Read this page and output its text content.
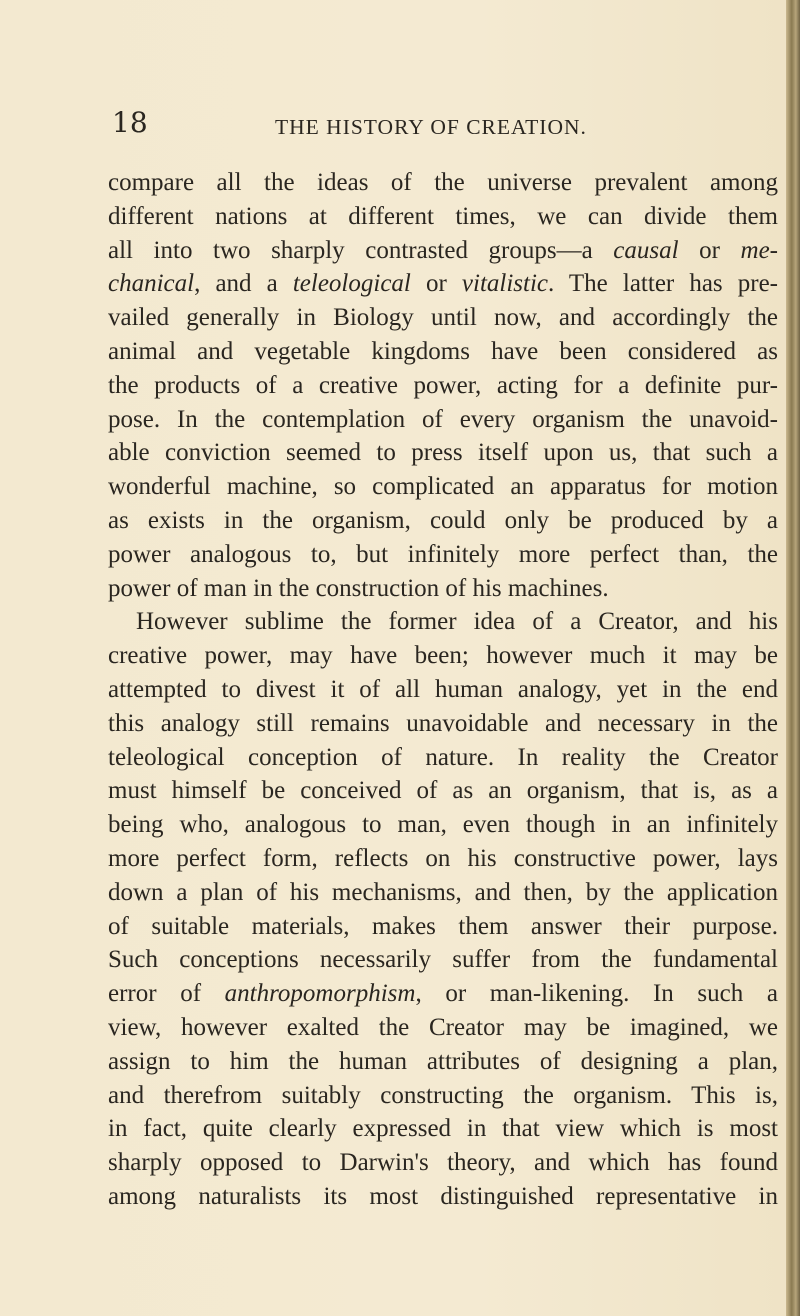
18	THE HISTORY OF CREATION.
compare all the ideas of the universe prevalent among
different nations at different times, we can divide them
all into two sharply contrasted groups—a causal or me-
chanical, and a teleological or vitalistic. The latter has pre-
vailed generally in Biology until now, and accordingly the
animal and vegetable kingdoms have been considered as
the products of a creative power, acting for a definite pur-
pose. In the contemplation of every organism the unavoid-
able conviction seemed to press itself upon us, that such a
wonderful machine, so complicated an apparatus for motion
as exists in the organism, could only be produced by a
power analogous to, but infinitely more perfect than, the
power of man in the construction of his machines.
However sublime the former idea of a Creator, and his
creative power, may have been; however much it may be
attempted to divest it of all human analogy, yet in the end
this analogy still remains unavoidable and necessary in the
teleological conception of nature. In reality the Creator
must himself be conceived of as an organism, that is, as a
being who, analogous to man, even though in an infinitely
more perfect form, reflects on his constructive power, lays
down a plan of his mechanisms, and then, by the application
of suitable materials, makes them answer their purpose.
Such conceptions necessarily suffer from the fundamental
error of anthropomorphism, or man-likening. In such a
view, however exalted the Creator may be imagined, we
assign to him the human attributes of designing a plan,
and therefrom suitably constructing the organism. This is,
in fact, quite clearly expressed in that view which is most
sharply opposed to Darwin's theory, and which has found
among naturalists its most distinguished representative in
